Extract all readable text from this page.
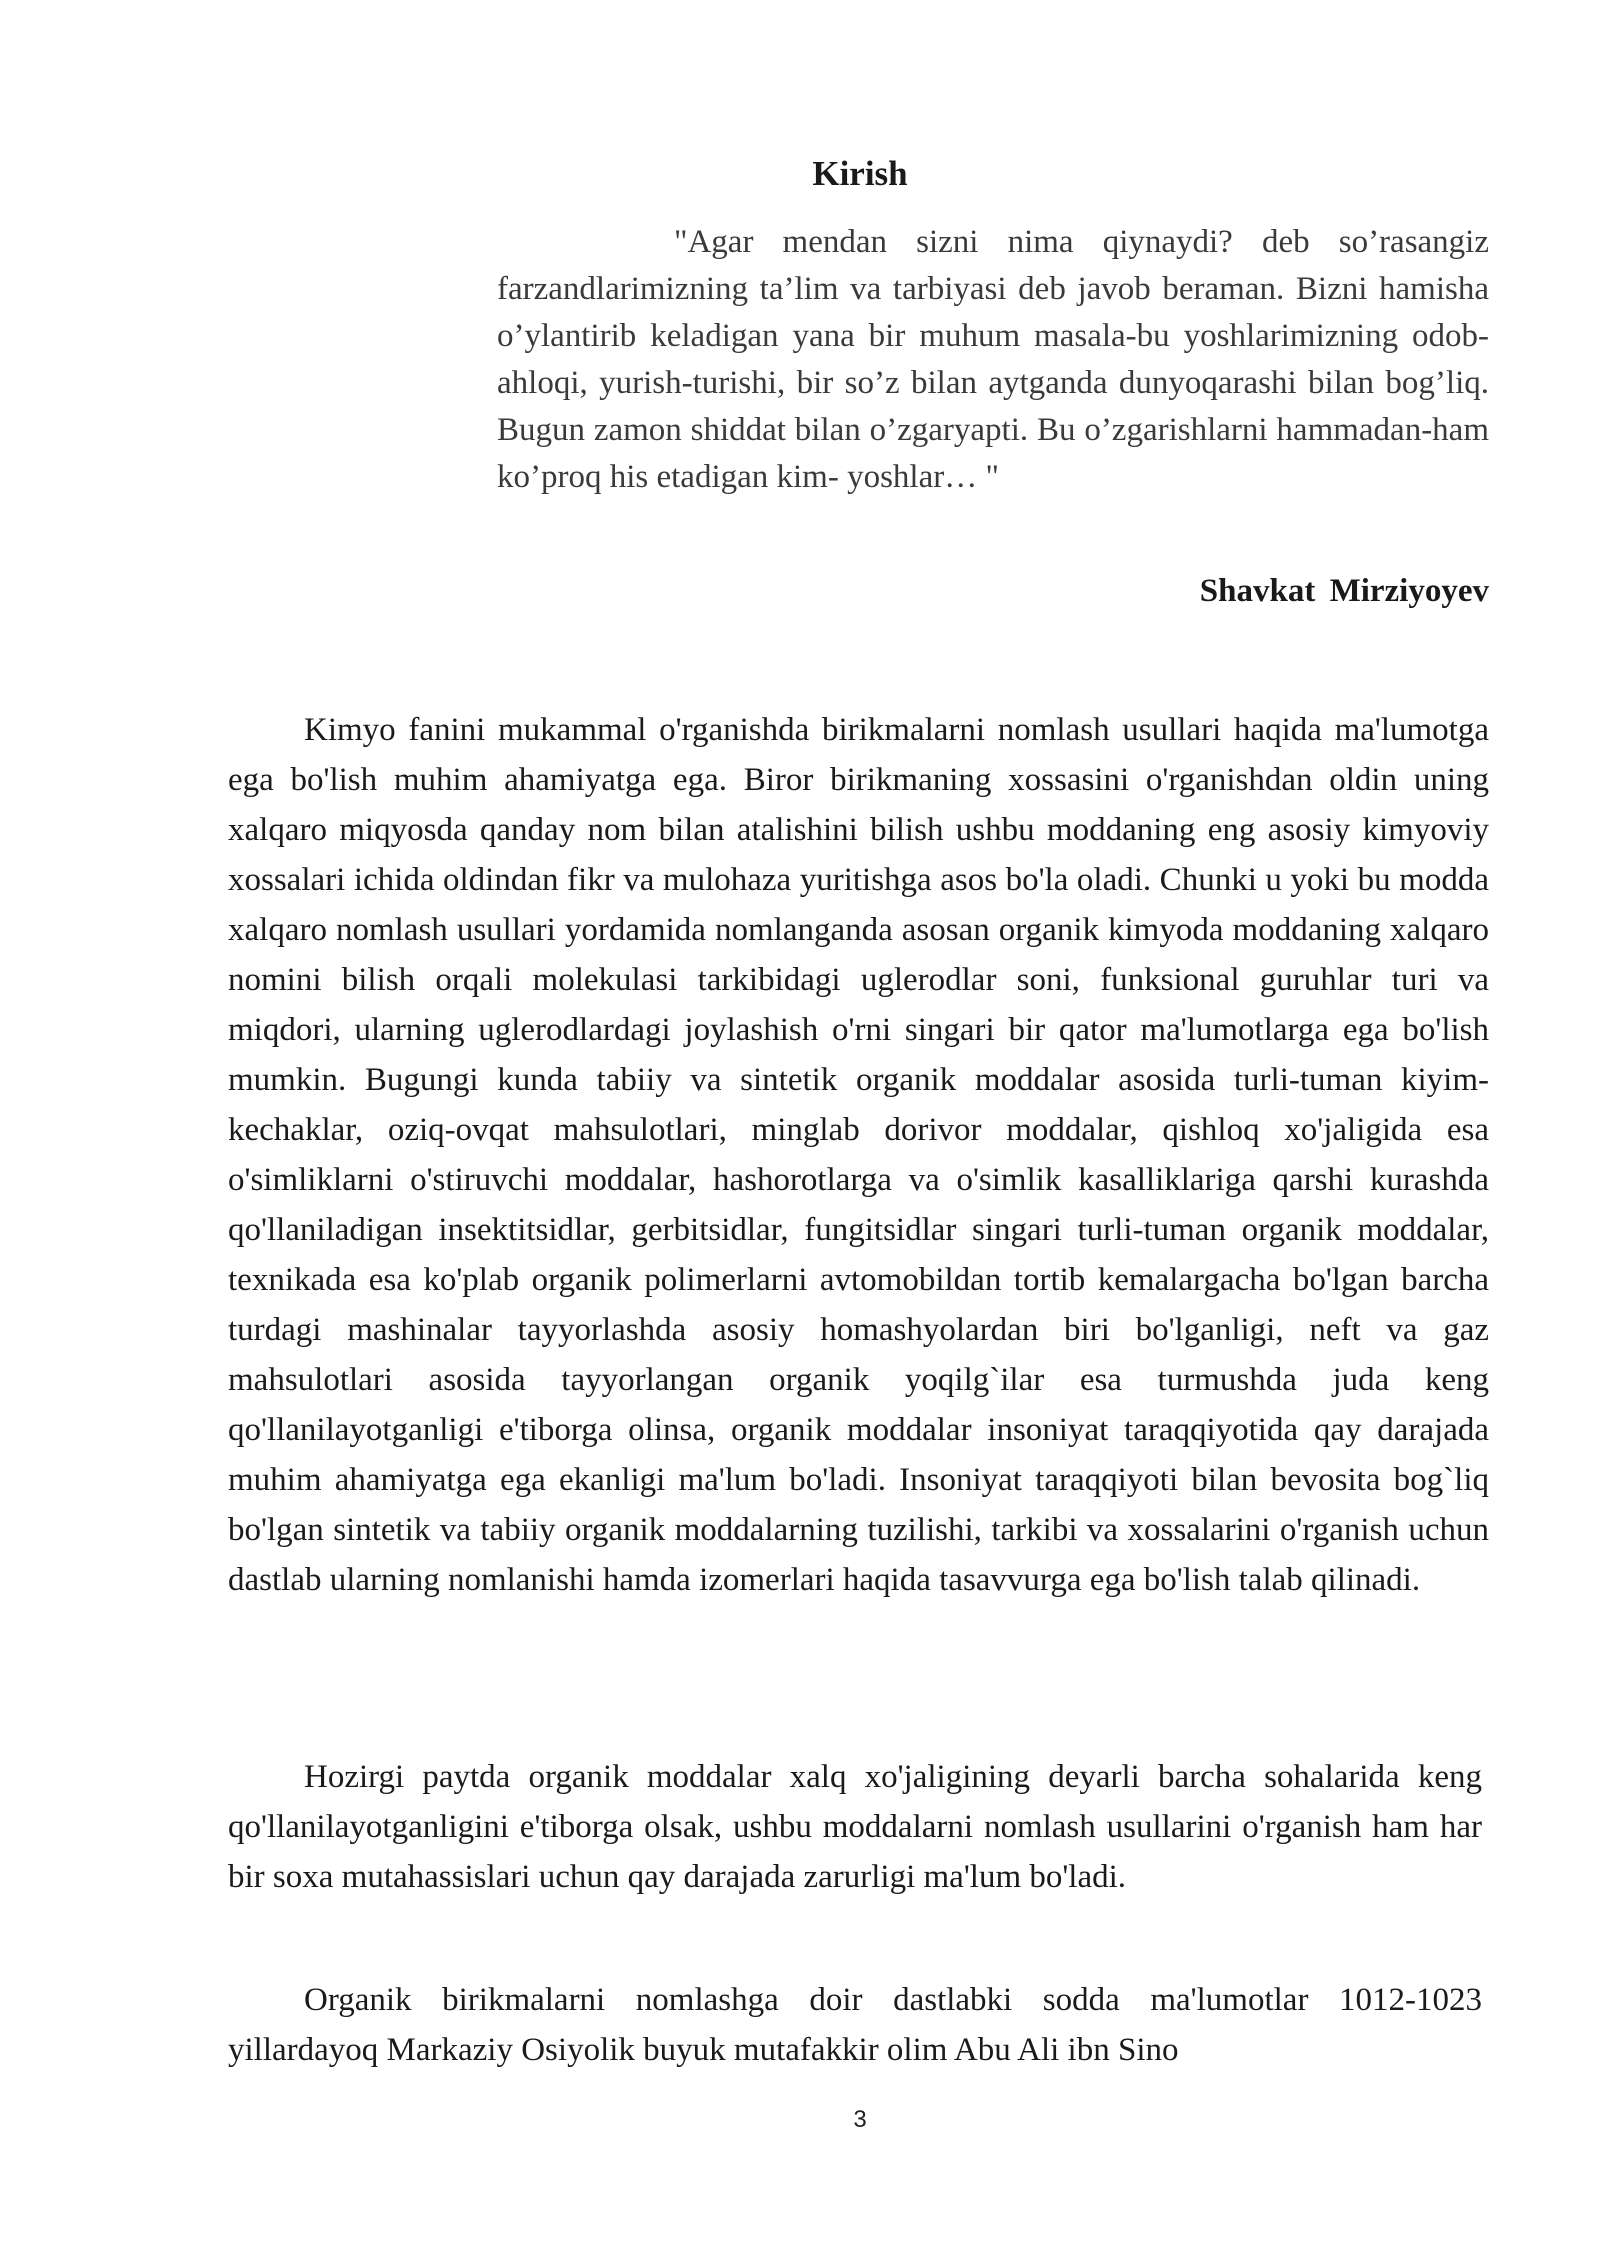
Kirish
"Agar mendan sizni nima qiynaydi? deb so’rasangiz farzandlarimizning ta’lim va tarbiyasi deb javob beraman. Bizni hamisha o’ylantirib keladigan yana bir muhum masala-bu yoshlarimizning odob-ahloqi, yurish-turishi, bir so’z bilan aytganda dunyoqarashi bilan bog’liq. Bugun zamon shiddat bilan o’zgaryapti. Bu o’zgarishlarni hammadan-ham ko’proq his etadigan kim- yoshlar… "
Shavkat Mirziyoyev

Kimyo fanini mukammal o'rganishda birikmalarni nomlash usullari haqida ma'lumotga ega bo'lish muhim ahamiyatga ega. Biror birikmaning xossasini o'rganishdan oldin uning xalqaro miqyosda qanday nom bilan atalishini bilish ushbu moddaning eng asosiy kimyoviy xossalari ichida oldindan fikr va mulohaza yuritishga asos bo'la oladi. Chunki u yoki bu modda xalqaro nomlash usullari yordamida nomlanganda asosan organik kimyoda moddaning xalqaro nomini bilish orqali molekulasi tarkibidagi uglerodlar soni, funksional guruhlar turi va miqdori, ularning uglerodlardagi joylashish o'rni singari bir qator ma'lumotlarga ega bo'lish mumkin. Bugungi kunda tabiiy va sintetik organik moddalar asosida turli-tuman kiyim-kechaklar, oziq-ovqat mahsulotlari, minglab dorivor moddalar, qishloq xo'jaligida esa o'simliklarni o'stiruvchi moddalar, hashorotlarga va o'simlik kasalliklariga qarshi kurashda qo'llaniladigan insektitsidlar, gerbitsidlar, fungitsidlar singari turli-tuman organik moddalar, texnikada esa ko'plab organik polimerlarni avtomobildan tortib kemalargacha bo'lgan barcha turdagi mashinalar tayyorlashda asosiy homashyolardan biri bo'lganligi, neft va gaz mahsulotlari asosida tayyorlangan organik yoqilg`ilar esa turmushda juda keng qo'llanilayotganligi e'tiborga olinsa, organik moddalar insoniyat taraqqiyotida qay darajada muhim ahamiyatga ega ekanligi ma'lum bo'ladi. Insoniyat taraqqiyoti bilan bevosita bog`liq bo'lgan sintetik va tabiiy organik moddalarning tuzilishi, tarkibi va xossalarini o'rganish uchun dastlab ularning nomlanishi hamda izomerlari haqida tasavvurga ega bo'lish talab qilinadi.

Hozirgi paytda organik moddalar xalq xo'jaligining deyarli barcha sohalarida keng qo'llanilayotganligini e'tiborga olsak, ushbu moddalarni nomlash usullarini o'rganish ham har bir soxa mutahassislari uchun qay darajada zarurligi ma'lum bo'ladi.

Organik birikmalarni nomlashga doir dastlabki sodda ma'lumotlar 1012-1023 yillardayoq Markaziy Osiyolik buyuk mutafakkir olim Abu Ali ibn Sino

3
